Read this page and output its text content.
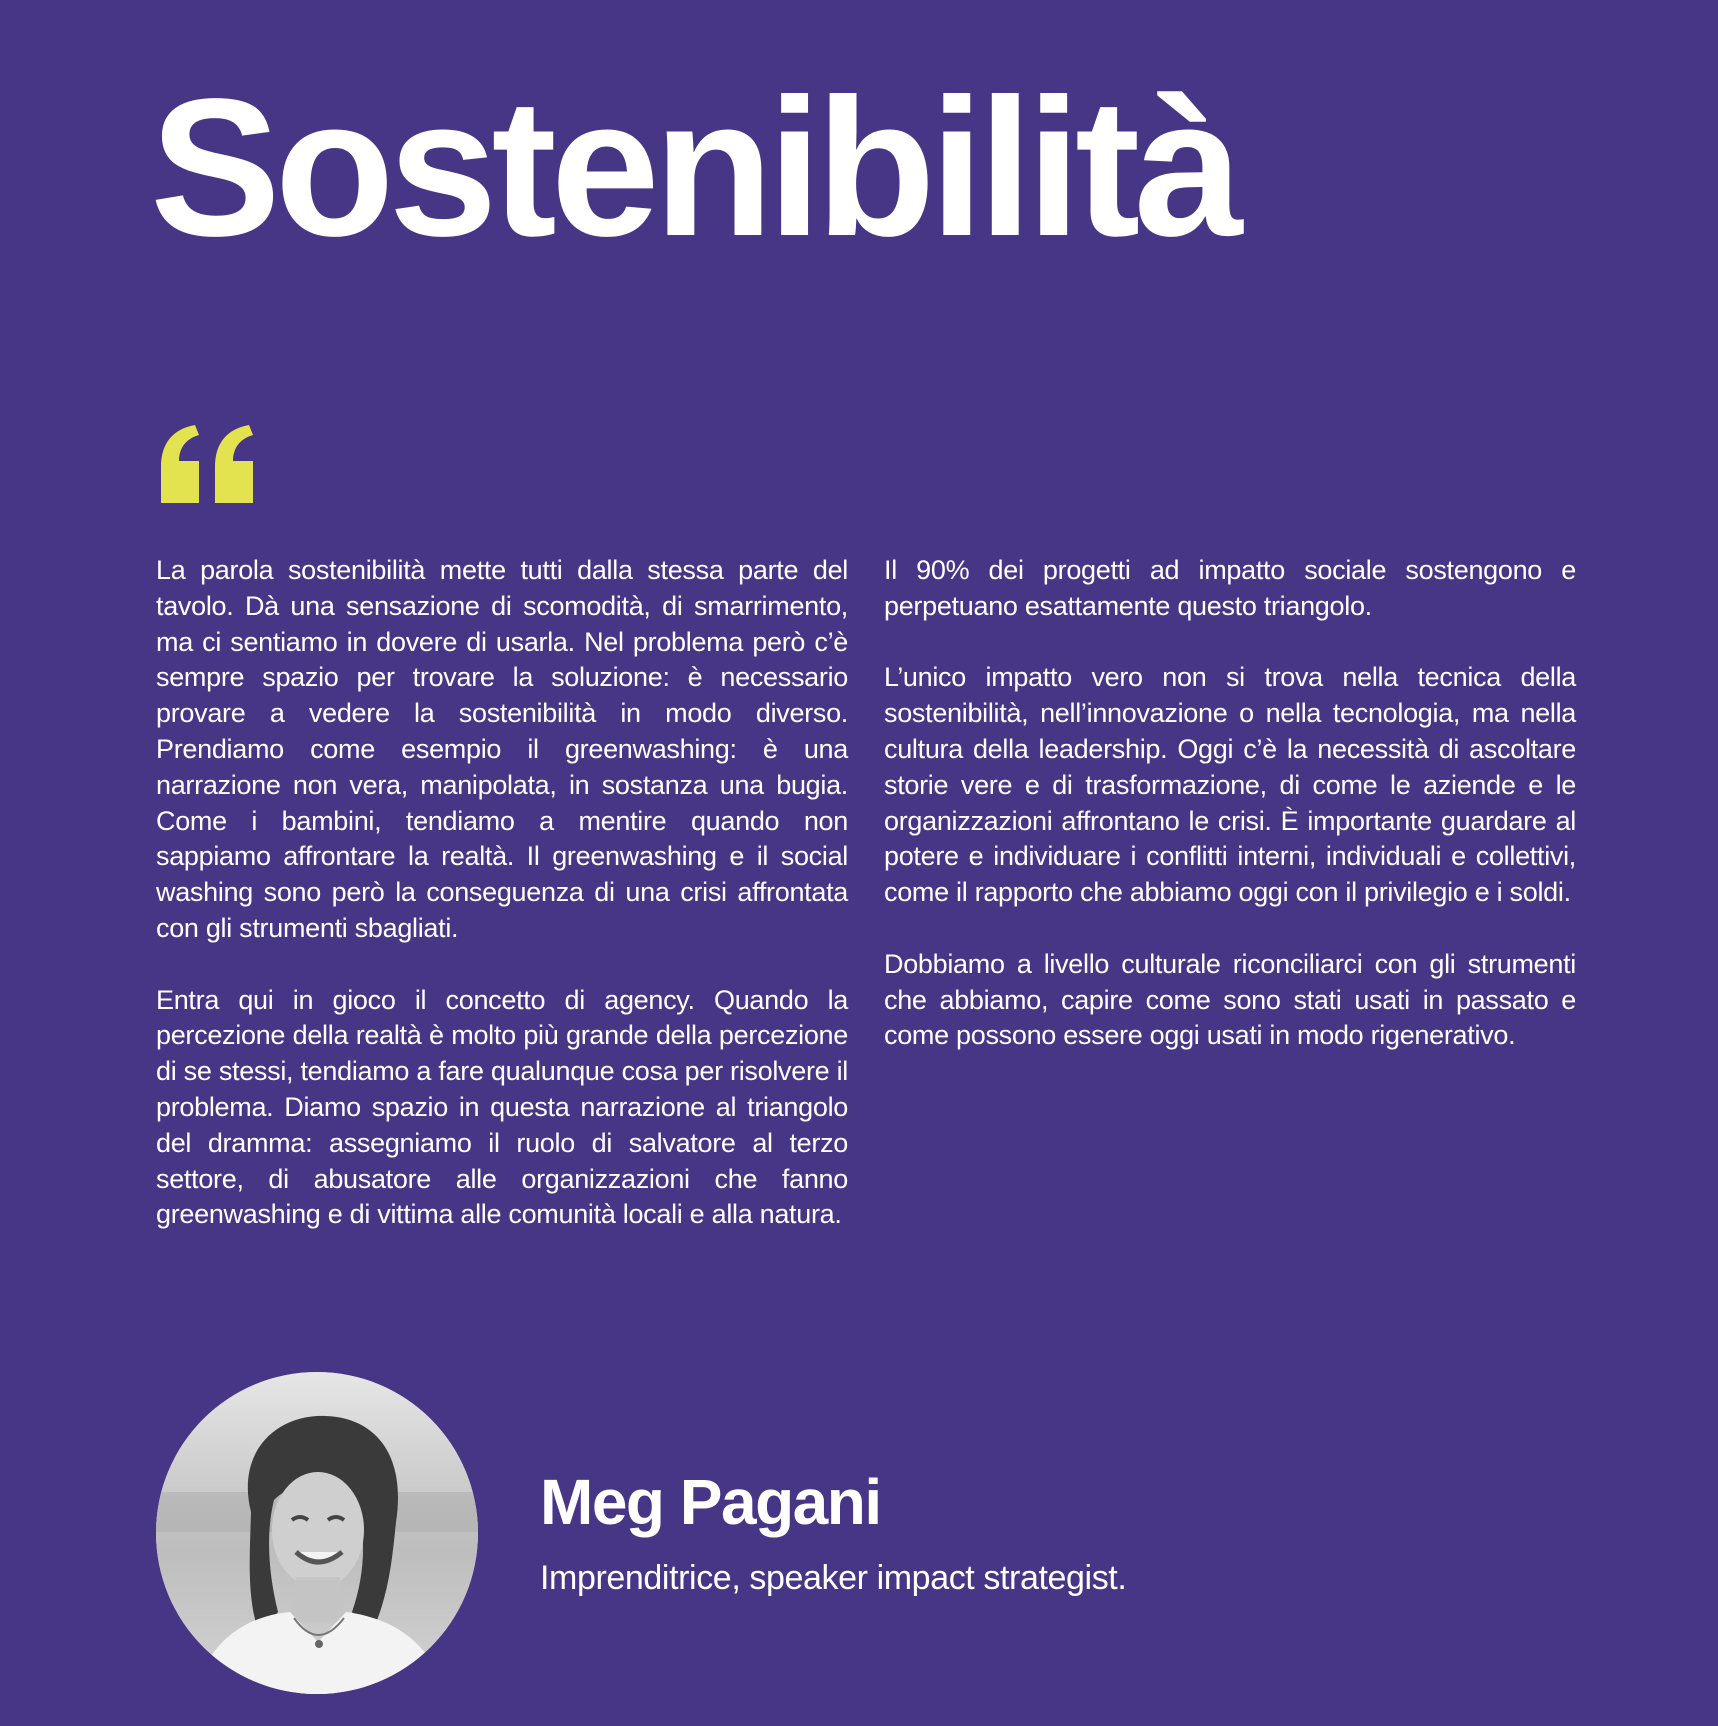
Sostenibilità

La parola sostenibilità mette tutti dalla stessa parte del tavolo. Dà una sensazione di scomodità, di smarrimento, ma ci sentiamo in dovere di usarla. Nel problema però c’è sempre spazio per trovare la soluzione: è necessario provare a vedere la sostenibilità in modo diverso. Prendiamo come esempio il greenwashing: è una narrazione non vera, manipolata, in sostanza una bugia. Come i bambini, tendiamo a mentire quando non sappiamo affrontare la realtà. Il greenwashing e il social washing sono però la conseguenza di una crisi affrontata con gli strumenti sbagliati.

Entra qui in gioco il concetto di agency. Quando la percezione della realtà è molto più grande della percezione di se stessi, tendiamo a fare qualunque cosa per risolvere il problema. Diamo spazio in questa narrazione al triangolo del dramma: assegniamo il ruolo di salvatore al terzo settore, di abusatore alle organizzazioni che fanno greenwashing e di vittima alle comunità locali e alla natura.

Il 90% dei progetti ad impatto sociale sostengono e perpetuano esattamente questo triangolo.

L’unico impatto vero non si trova nella tecnica della sostenibilità, nell’innovazione o nella tecnologia, ma nella cultura della leadership. Oggi c’è la necessità di ascoltare storie vere e di trasformazione, di come le aziende e le organizzazioni affrontano le crisi. È importante guardare al potere e individuare i conflitti interni, individuali e collettivi, come il rapporto che abbiamo oggi con il privilegio e i soldi.

Dobbiamo a livello culturale riconciliarci con gli strumenti che abbiamo, capire come sono stati usati in passato e come possono essere oggi usati in modo rigenerativo.

Meg Pagani

Imprenditrice, speaker impact strategist.
